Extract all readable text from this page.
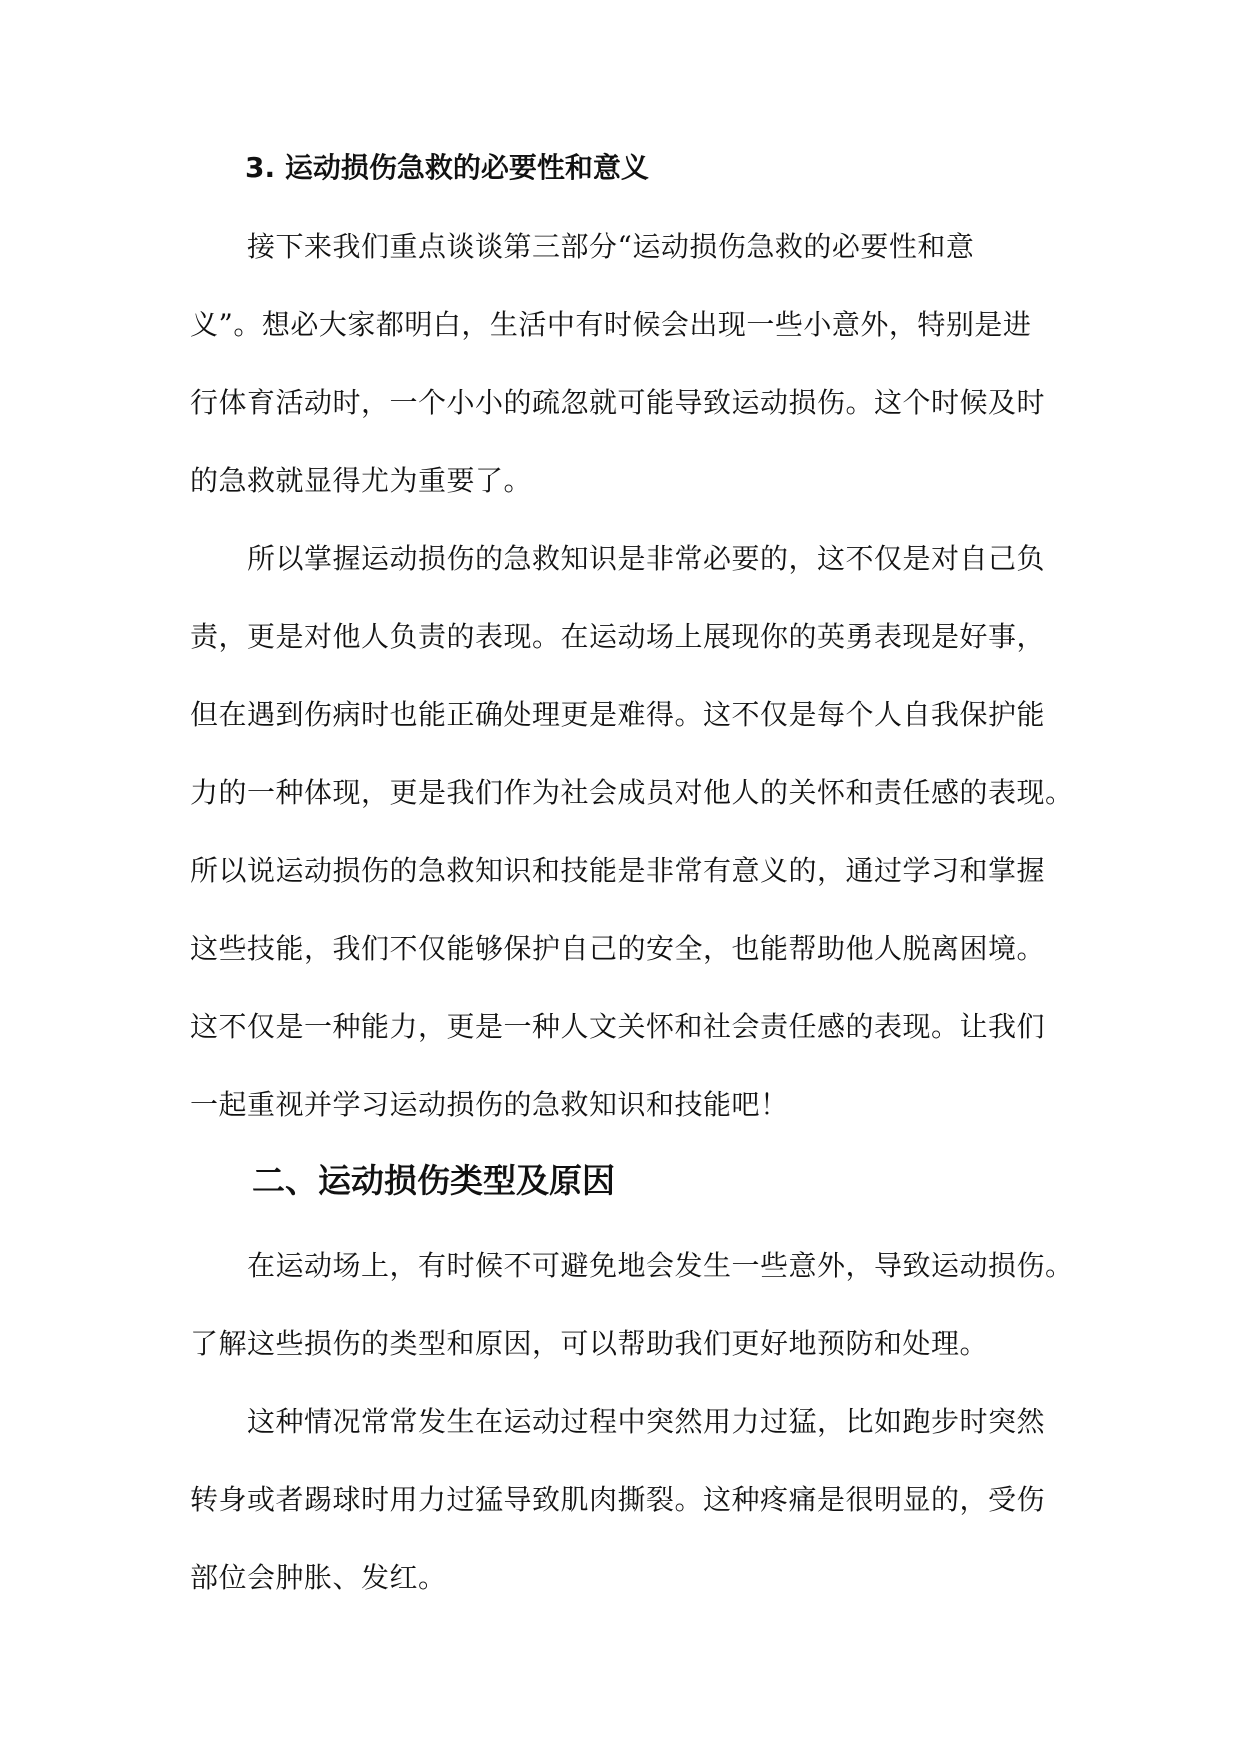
3. 运动损伤急救的必要性和意义
接下来我们重点谈谈第三部分“运动损伤急救的必要性和意
义”。想必大家都明白，生活中有时候会出现一些小意外，特别是进
行体育活动时，一个小小的疏忽就可能导致运动损伤。这个时候及时
的急救就显得尤为重要了。
所以掌握运动损伤的急救知识是非常必要的，这不仅是对自己负
责，更是对他人负责的表现。在运动场上展现你的英勇表现是好事，
但在遇到伤病时也能正确处理更是难得。这不仅是每个人自我保护能
力的一种体现，更是我们作为社会成员对他人的关怀和责任感的表现。
所以说运动损伤的急救知识和技能是非常有意义的，通过学习和掌握
这些技能，我们不仅能够保护自己的安全，也能帮助他人脱离困境。
这不仅是一种能力，更是一种人文关怀和社会责任感的表现。让我们
一起重视并学习运动损伤的急救知识和技能吧！
二、运动损伤类型及原因
在运动场上，有时候不可避免地会发生一些意外，导致运动损伤。
了解这些损伤的类型和原因，可以帮助我们更好地预防和处理。
这种情况常常发生在运动过程中突然用力过猛，比如跑步时突然
转身或者踢球时用力过猛导致肌肉撕裂。这种疼痛是很明显的，受伤
部位会肿胀、发红。
